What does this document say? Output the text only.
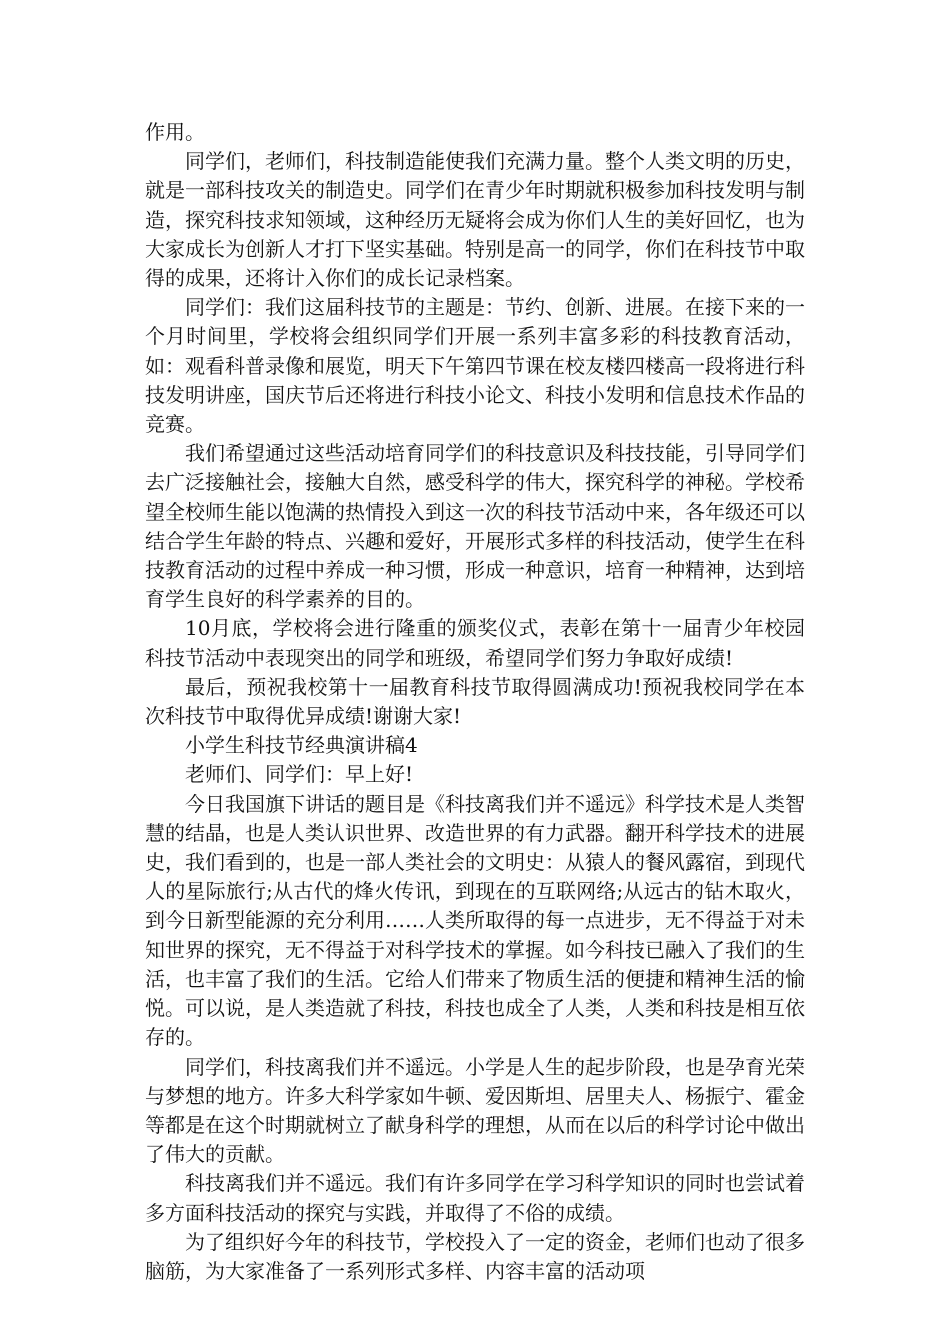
作用。

同学们，老师们，科技制造能使我们充满力量。整个人类文明的历史，就是一部科技攻关的制造史。同学们在青少年时期就积极参加科技发明与制造，探究科技求知领域，这种经历无疑将会成为你们人生的美好回忆，也为大家成长为创新人才打下坚实基础。特别是高一的同学，你们在科技节中取得的成果，还将计入你们的成长记录档案。

同学们：我们这届科技节的主题是：节约、创新、进展。在接下来的一个月时间里，学校将会组织同学们开展一系列丰富多彩的科技教育活动，如：观看科普录像和展览，明天下午第四节课在校友楼四楼高一段将进行科技发明讲座，国庆节后还将进行科技小论文、科技小发明和信息技术作品的竞赛。

我们希望通过这些活动培育同学们的科技意识及科技技能，引导同学们去广泛接触社会，接触大自然，感受科学的伟大，探究科学的神秘。学校希望全校师生能以饱满的热情投入到这一次的科技节活动中来，各年级还可以结合学生年龄的特点、兴趣和爱好，开展形式多样的科技活动，使学生在科技教育活动的过程中养成一种习惯，形成一种意识，培育一种精神，达到培育学生良好的科学素养的目的。

10月底，学校将会进行隆重的颁奖仪式，表彰在第十一届青少年校园科技节活动中表现突出的同学和班级，希望同学们努力争取好成绩!

最后，预祝我校第十一届教育科技节取得圆满成功!预祝我校同学在本次科技节中取得优异成绩!谢谢大家!

小学生科技节经典演讲稿4

老师们、同学们：早上好!

今日我国旗下讲话的题目是《科技离我们并不遥远》科学技术是人类智慧的结晶，也是人类认识世界、改造世界的有力武器。翻开科学技术的进展史，我们看到的，也是一部人类社会的文明史：从猿人的餐风露宿，到现代人的星际旅行;从古代的烽火传讯，到现在的互联网络;从远古的钻木取火，到今日新型能源的充分利用……人类所取得的每一点进步，无不得益于对未知世界的探究，无不得益于对科学技术的掌握。如今科技已融入了我们的生活，也丰富了我们的生活。它给人们带来了物质生活的便捷和精神生活的愉悦。可以说，是人类造就了科技，科技也成全了人类，人类和科技是相互依存的。

同学们，科技离我们并不遥远。小学是人生的起步阶段，也是孕育光荣与梦想的地方。许多大科学家如牛顿、爱因斯坦、居里夫人、杨振宁、霍金等都是在这个时期就树立了献身科学的理想，从而在以后的科学讨论中做出了伟大的贡献。

科技离我们并不遥远。我们有许多同学在学习科学知识的同时也尝试着多方面科技活动的探究与实践，并取得了不俗的成绩。

为了组织好今年的科技节，学校投入了一定的资金，老师们也动了很多脑筋，为大家准备了一系列形式多样、内容丰富的活动项
